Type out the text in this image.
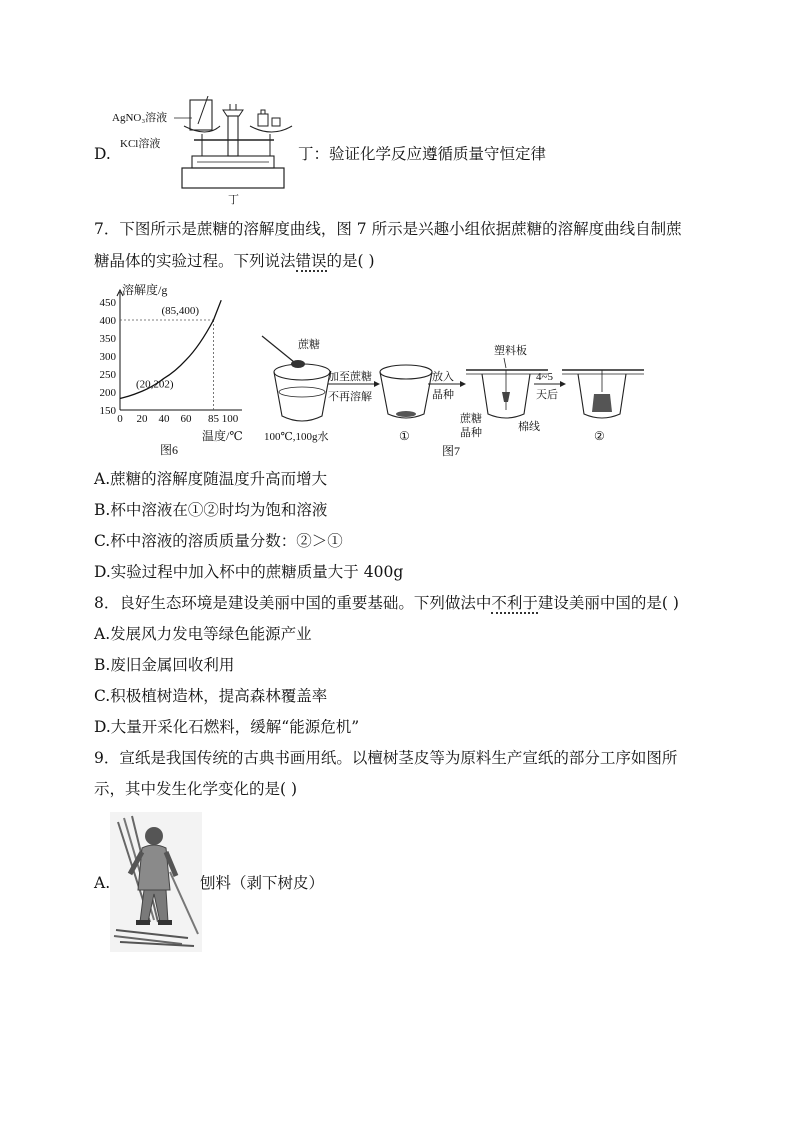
D.
AgNO₃溶液
KCl溶液
丁
丁：验证化学反应遵循质量守恒定律
7．下图所示是蔗糖的溶解度曲线，图 7 所示是兴趣小组依据蔗糖的溶解度曲线自制蔗
糖晶体的实验过程。下列说法错误的是( )
150
200
250
300
350
400
450
0 20 40 60 85 100
(20,202)
(85,400)
溶解度/g
温度/℃
图6
蔗糖
100℃,100g水
加至蔗糖
不再溶解
①
放入
晶种
塑料板
蔗糖
晶种	棉线
4~5
天后
②
图7
A.蔗糖的溶解度随温度升高而增大
B.杯中溶液在①②时均为饱和溶液
C.杯中溶液的溶质质量分数：②＞①
D.实验过程中加入杯中的蔗糖质量大于 400g
8．良好生态环境是建设美丽中国的重要基础。下列做法中不利于建设美丽中国的是( )
A.发展风力发电等绿色能源产业
B.废旧金属回收利用
C.积极植树造林，提高森林覆盖率
D.大量开采化石燃料，缓解“能源危机”
9．宣纸是我国传统的古典书画用纸。以檀树茎皮等为原料生产宣纸的部分工序如图所
示，其中发生化学变化的是( )
A.	刨料（剥下树皮）
